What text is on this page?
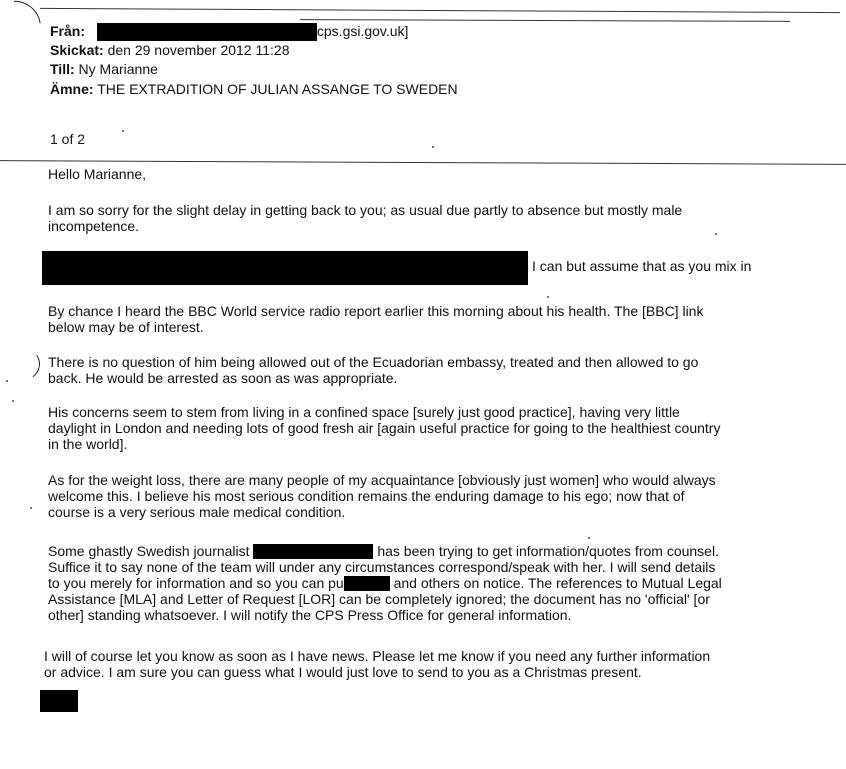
Från:	cps.gsi.gov.uk]
Skickat: den 29 november 2012 11:28
Till: Ny Marianne
Ämne: THE EXTRADITION OF JULIAN ASSANGE TO SWEDEN
1 of 2
Hello Marianne,
I am so sorry for the slight delay in getting back to you; as usual due partly to absence but mostly male
incompetence.
I can but assume that as you mix in
By chance I heard the BBC World service radio report earlier this morning about his health. The [BBC] link
below may be of interest.
There is no question of him being allowed out of the Ecuadorian embassy, treated and then allowed to go
back. He would be arrested as soon as was appropriate.
His concerns seem to stem from living in a confined space [surely just good practice], having very little
daylight in London and needing lots of good fresh air [again useful practice for going to the healthiest country
in the world].
As for the weight loss, there are many people of my acquaintance [obviously just women] who would always
welcome this. I believe his most serious condition remains the enduring damage to his ego; now that of
course is a very serious male medical condition.
Some ghastly Swedish journalist	has been trying to get information/quotes from counsel.
Suffice it to say none of the team will under any circumstances correspond/speak with her. I will send details
to you merely for information and so you can pu	and others on notice. The references to Mutual Legal
Assistance [MLA] and Letter of Request [LOR] can be completely ignored; the document has no 'official' [or
other] standing whatsoever. I will notify the CPS Press Office for general information.
I will of course let you know as soon as I have news. Please let me know if you need any further information
or advice. I am sure you can guess what I would just love to send to you as a Christmas present.
